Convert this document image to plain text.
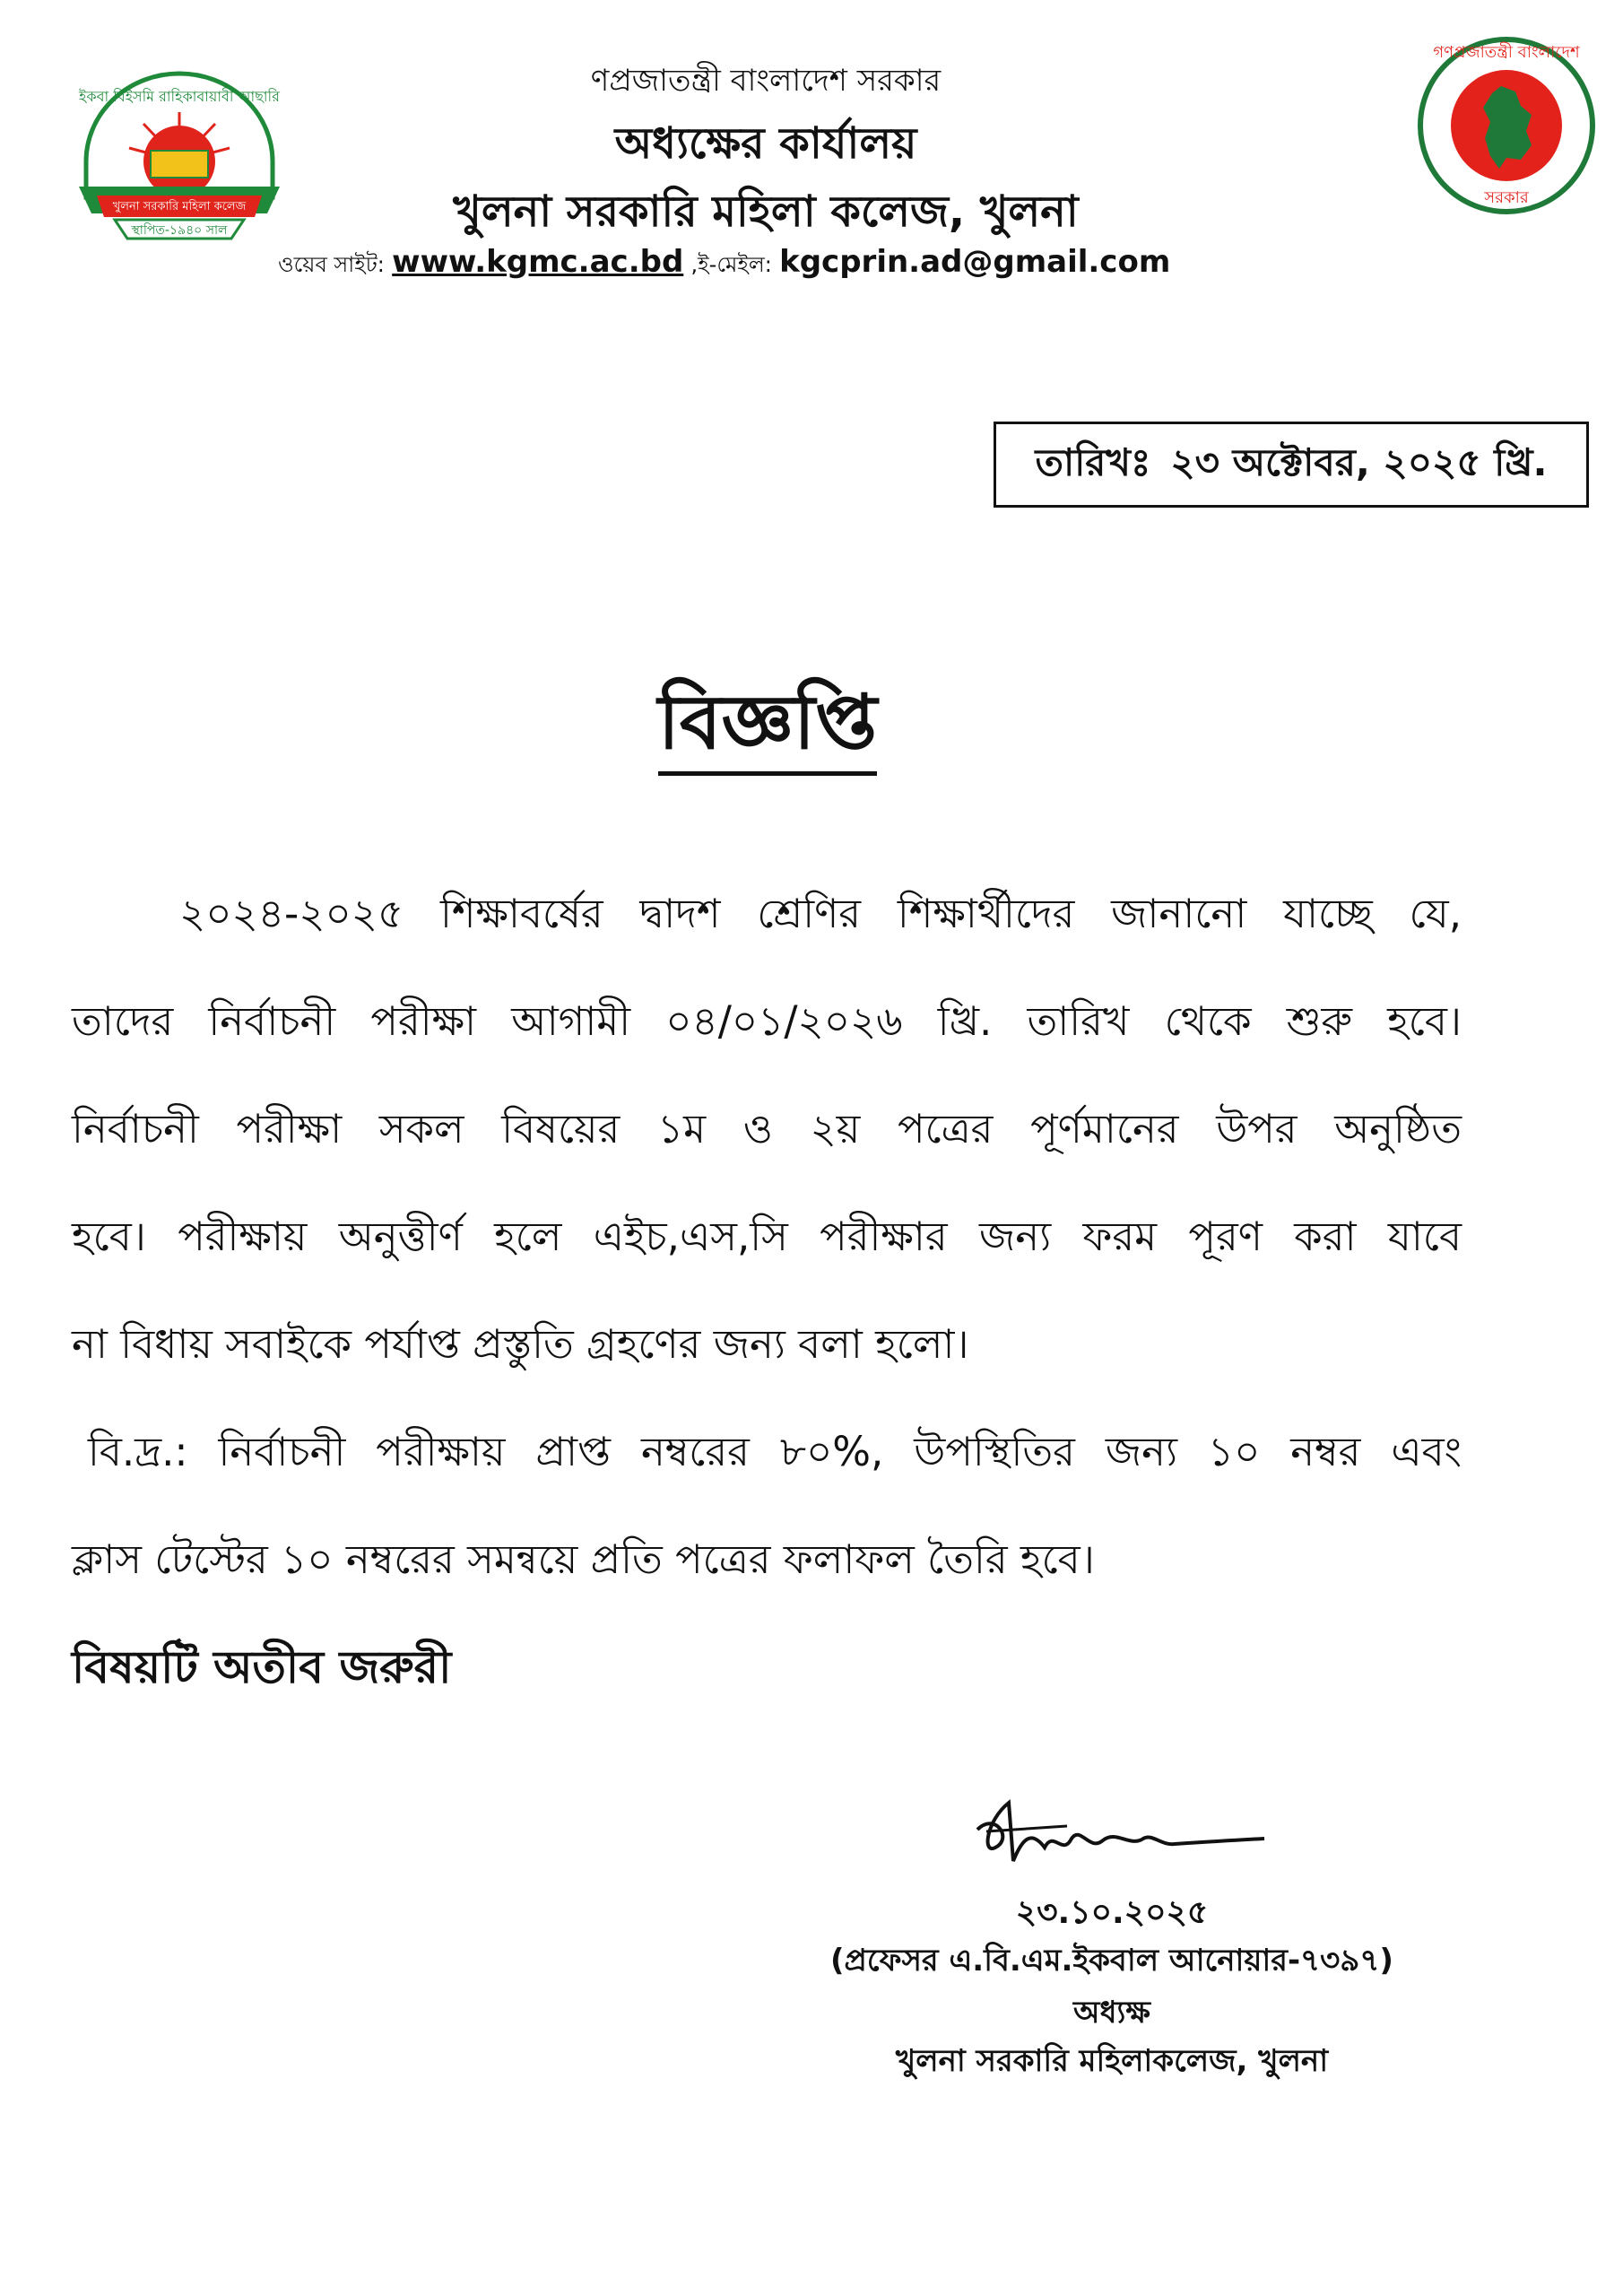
ইকবা বিইসমি রাহিকাবায়াবী আছারি
খুলনা সরকারি মহিলা কলেজ
স্থাপিত-১৯৪০ সাল
গণপ্রজাতন্ত্রী বাংলাদেশ
সরকার
ণপ্রজাতন্ত্রী বাংলাদেশ সরকার
অধ্যক্ষের কার্যালয়
খুলনা সরকারি মহিলা কলেজ, খুলনা
ওয়েব সাইট: www.kgmc.ac.bd ,ই-মেইল: kgcprin.ad@gmail.com
তারিখঃ ২৩ অক্টোবর, ২০২৫ খ্রি.
বিজ্ঞপ্তি
২০২৪-২০২৫ শিক্ষাবর্ষের দ্বাদশ শ্রেণির শিক্ষার্থীদের জানানো যাচ্ছে যে,
তাদের নির্বাচনী পরীক্ষা আগামী ০৪/০১/২০২৬ খ্রি. তারিখ থেকে শুরু হবে।
নির্বাচনী পরীক্ষা সকল বিষয়ের ১ম ও ২য় পত্রের পূর্ণমানের উপর অনুষ্ঠিত
হবে। পরীক্ষায় অনুত্তীর্ণ হলে এইচ,এস,সি পরীক্ষার জন্য ফরম পূরণ করা যাবে
না বিধায় সবাইকে পর্যাপ্ত প্রস্তুতি গ্রহণের জন্য বলা হলো।
বি.দ্র.: নির্বাচনী পরীক্ষায় প্রাপ্ত নম্বরের ৮০%, উপস্থিতির জন্য ১০ নম্বর এবং
ক্লাস টেস্টের ১০ নম্বরের সমন্বয়ে প্রতি পত্রের ফলাফল তৈরি হবে।
বিষয়টি অতীব জরুরী
২৩.১০.২০২৫
(প্রফেসর এ.বি.এম.ইকবাল আনোয়ার-৭৩৯৭)
অধ্যক্ষ
খুলনা সরকারি মহিলাকলেজ, খুলনা
